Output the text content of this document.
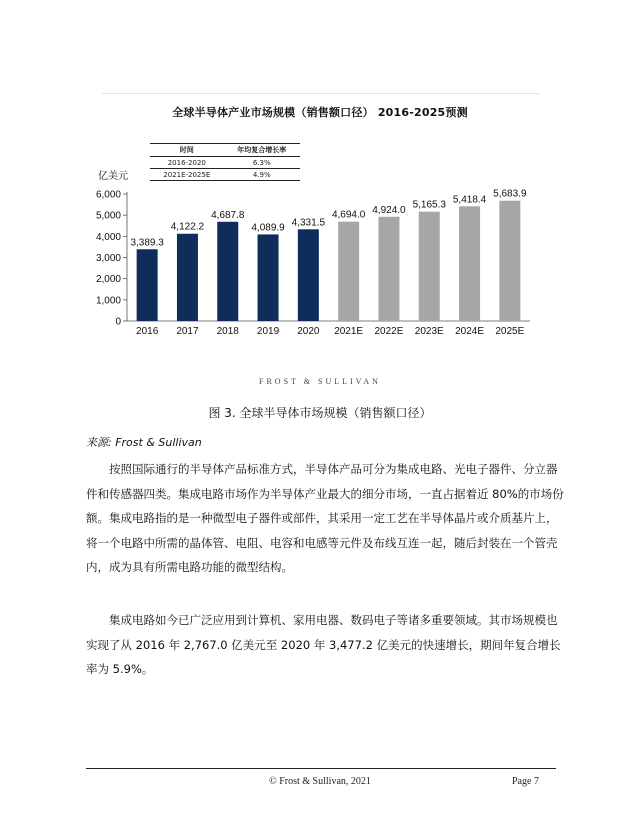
全球半导体产业市场规模（销售额口径） 2016-2025预测
时间	年均复合增长率
2016-2020	6.3%
2021E-2025E	4.9%
亿美元
0
1,000
2,000
3,000
4,000
5,000
6,000
3,389.3
2016
4,122.2
2017
4,687.8
2018
4,089.9
2019
4,331.5
2020
4,694.0
2021E
4,924.0
2022E
5,165.3
2023E
5,418.4
2024E
5,683.9
2025E
FROST & SULLIVAN
图 3. 全球半导体市场规模（销售额口径）
来源: Frost & Sullivan

按照国际通行的半导体产品标准方式，半导体产品可分为集成电路、光电子器件、分立器件和传感器四类。集成电路市场作为半导体产业最大的细分市场，一直占据着近 80%的市场份额。集成电路指的是一种微型电子器件或部件，其采用一定工艺在半导体晶片或介质基片上，将一个电路中所需的晶体管、电阻、电容和电感等元件及布线互连一起，随后封装在一个管壳内，成为具有所需电路功能的微型结构。

集成电路如今已广泛应用到计算机、家用电器、数码电子等诸多重要领域。其市场规模也实现了从 2016 年 2,767.0 亿美元至 2020 年 3,477.2 亿美元的快速增长，期间年复合增长率为 5.9%。

© Frost & Sullivan, 2021	Page 7
